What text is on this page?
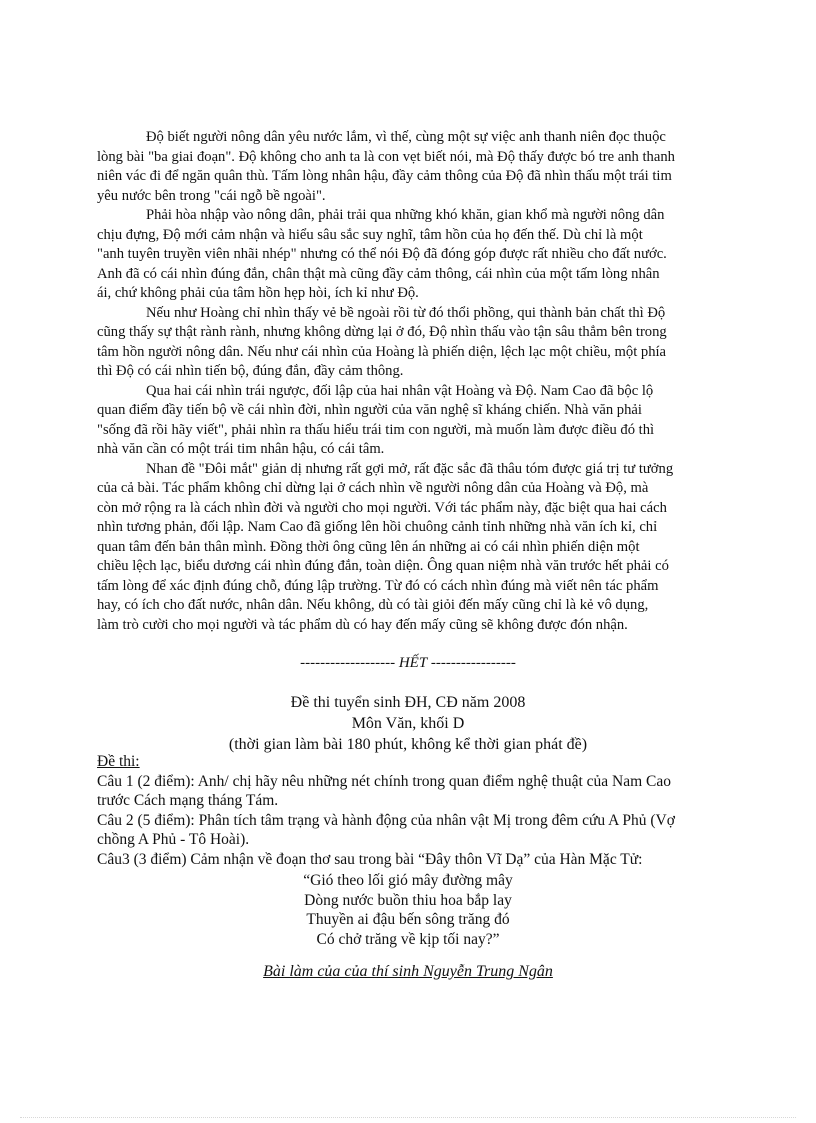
Độ biết người nông dân yêu nước lắm, vì thế, cùng một sự việc anh thanh niên đọc thuộc
lòng bài "ba giai đoạn". Độ không cho anh ta là con vẹt biết nói, mà Độ thấy được bó tre anh thanh
niên vác đi để ngăn quân thù. Tấm lòng nhân hậu, đầy cảm thông của Độ đã nhìn thấu một trái tim
yêu nước bên trong "cái ngỗ bề ngoài".
Phải hòa nhập vào nông dân, phải trải qua những khó khăn, gian khổ mà người nông dân
chịu đựng, Độ mới cảm nhận và hiểu sâu sắc suy nghĩ, tâm hồn của họ đến thế. Dù chỉ là một
"anh tuyên truyền viên nhãi nhép" nhưng có thể nói Độ đã đóng góp được rất nhiều cho đất nước.
Anh đã có cái nhìn đúng đắn, chân thật mà cũng đầy cảm thông, cái nhìn của một tấm lòng nhân
ái, chứ không phải của tâm hồn hẹp hòi, ích kỉ như Độ.
Nếu như Hoàng chỉ nhìn thấy vẻ bề ngoài rồi từ đó thổi phồng, qui thành bản chất thì Độ
cũng thấy sự thật rành rành, nhưng không dừng lại ở đó, Độ nhìn thấu vào tận sâu thẳm bên trong
tâm hồn người nông dân. Nếu như cái nhìn của Hoàng là phiến diện, lệch lạc một chiều, một phía
thì Độ có cái nhìn tiến bộ, đúng đắn, đầy cảm thông.
Qua hai cái nhìn trái ngược, đối lập của hai nhân vật Hoàng và Độ. Nam Cao đã bộc lộ
quan điểm đầy tiến bộ về cái nhìn đời, nhìn người của văn nghệ sĩ kháng chiến. Nhà văn phải
"sống đã rồi hãy viết", phải nhìn ra thấu hiểu trái tim con người, mà muốn làm được điều đó thì
nhà văn cần có một trái tim nhân hậu, có cái tâm.
Nhan đề "Đôi mắt" giản dị nhưng rất gợi mở, rất đặc sắc đã thâu tóm được giá trị tư tưởng
của cả bài. Tác phẩm không chỉ dừng lại ở cách nhìn về người nông dân của Hoàng và Độ, mà
còn mở rộng ra là cách nhìn đời và người cho mọi người. Với tác phẩm này, đặc biệt qua hai cách
nhìn tương phản, đối lập. Nam Cao đã giống lên hồi chuông cảnh tỉnh những nhà văn ích kỉ, chỉ
quan tâm đến bản thân mình. Đồng thời ông cũng lên án những ai có cái nhìn phiến diện một
chiều lệch lạc, biểu dương cái nhìn đúng đắn, toàn diện. Ông quan niệm nhà văn trước hết phải có
tấm lòng để xác định đúng chỗ, đúng lập trường. Từ đó có cách nhìn đúng mà viết nên tác phẩm
hay, có ích cho đất nước, nhân dân. Nếu không, dù có tài giỏi đến mấy cũng chỉ là kẻ vô dụng,
làm trò cười cho mọi người và tác phẩm dù có hay đến mấy cũng sẽ không được đón nhận.
------------------- HẾT -----------------
Đề thi tuyển sinh ĐH, CĐ năm 2008
Môn Văn, khối D
(thời gian làm bài 180 phút, không kể thời gian phát đề)
Đề thi:
Câu 1 (2 điểm): Anh/ chị hãy nêu những nét chính trong quan điểm nghệ thuật của Nam Cao
trước Cách mạng tháng Tám.
Câu 2 (5 điểm): Phân tích tâm trạng và hành động của nhân vật Mị trong đêm cứu A Phủ (Vợ
chồng A Phủ - Tô Hoài).
Câu3 (3 điểm) Cảm nhận về đoạn thơ sau trong bài “Đây thôn Vĩ Dạ” của Hàn Mặc Tử:
“Gió theo lối gió mây đường mây
Dòng nước buồn thiu hoa bắp lay
Thuyền ai đậu bến sông trăng đó
Có chở trăng về kịp tối nay?”
Bài làm của của thí sinh Nguyễn Trung Ngân
